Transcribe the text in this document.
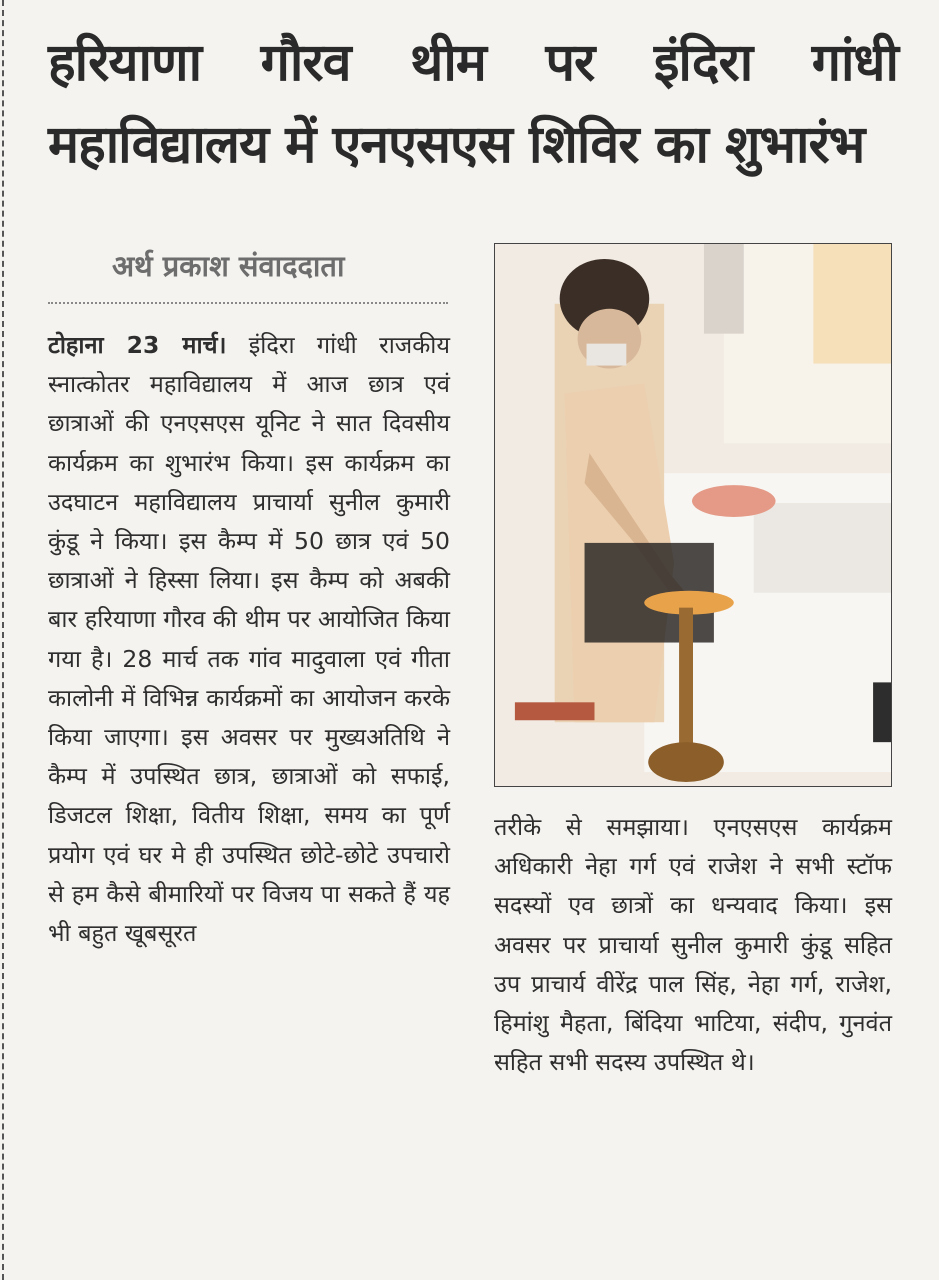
हरियाणा गौरव थीम पर इंदिरा गांधी
महाविद्यालय में एनएसएस शिविर का शुभारंभ
अर्थ प्रकाश संवाददाता
टोहाना 23 मार्च। इंदिरा गांधी राजकीय स्नात्कोतर महाविद्यालय में आज छात्र एवं छात्राओं की एनएसएस यूनिट ने सात दिवसीय कार्यक्रम का शुभारंभ किया। इस कार्यक्रम का उदघाटन महाविद्यालय प्राचार्या सुनील कुमारी कुंडू ने किया। इस कैम्प में 50 छात्र एवं 50 छात्राओं ने हिस्सा लिया। इस कैम्प को अबकी बार हरियाणा गौरव की थीम पर आयोजित किया गया है। 28 मार्च तक गांव मादुवाला एवं गीता कालोनी में विभिन्न कार्यक्रमों का आयोजन करके किया जाएगा। इस अवसर पर मुख्यअतिथि ने कैम्प में उपस्थित छात्र, छात्राओं को सफाई, डिजटल शिक्षा, वितीय शिक्षा, समय का पूर्ण प्रयोग एवं घर मे ही उपस्थित छोटे-छोटे उपचारो से हम कैसे बीमारियों पर विजय पा सकते हैं यह भी बहुत खूबसूरत
तरीके से समझाया। एनएसएस कार्यक्रम अधिकारी नेहा गर्ग एवं राजेश ने सभी स्टॉफ सदस्यों एव छात्रों का धन्यवाद किया। इस अवसर पर प्राचार्या सुनील कुमारी कुंडू सहित उप प्राचार्य वीरेंद्र पाल सिंह, नेहा गर्ग, राजेश, हिमांशु मैहता, बिंदिया भाटिया, संदीप, गुनवंत सहित सभी सदस्य उपस्थित थे।
